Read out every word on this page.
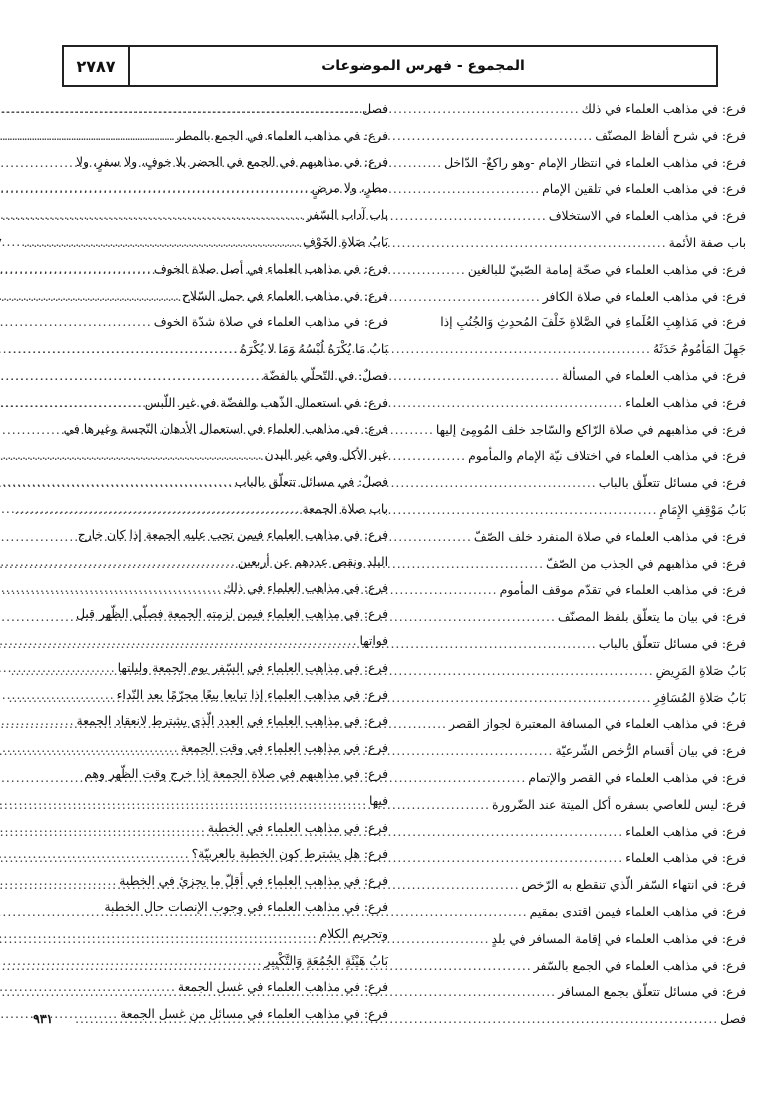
٢٧٨٧	المجموع - فهرس الموضوعات
فرع: في مذاهب العلماء في ذلك
.....
فرع: في شرح ألفاظ المصنّف
.....
فرع: في مذاهب العلماء في انتظار الإمام -وهو راكعٌ- الدّاخل
.....
فرع: في مذاهب العلماء في تلقين الإمام
.....
فرع: في مذاهب العلماء في الاستخلاف
.....
باب صفة الأئمة
.....
فرع: في مذاهب العلماء في صحّة إمامة الصّبيّ للبالغين
.....
فرع: في مذاهب العلماء في صلاة الكافر
.....
فرع: في مَذاهِبِ العُلَماءِ في الصَّلاةِ خَلْفَ المُحدِثِ وَالجُنُبِ إذا
جَهِلَ المَأمُومُ حَدَثَهُ
.....
فرع: في مذاهب العلماء في المسألة
.....
فرع: في مذاهب العلماء
.....
فرع: في مذاهبهم في صلاة الرّاكع والسّاجد خلف المُومِئ إليها
.....
فرع: في مذاهب العلماء في اختلاف نيّة الإمام والمأموم
.....
فرع: في مسائل تتعلّق بالباب
.....
بَابُ مَوْقِفِ الإِمَامِ
.....
فرع: في مذاهب العلماء في صلاة المنفرد خلف الصّفّ
.....
فرع: في مذاهبهم في الجذب من الصّفّ
.....
فرع: في مذاهب العلماء في تقدّم موقف المأموم
.....
فرع: في بيان ما يتعلّق بلفظ المصنّف
.....
فرع: في مسائل تتعلّق بالباب
.....
بَابُ صَلاةِ المَرِيضِ
.....
بَابُ صَلاةِ المُسَافِرِ
.....
فرع: في مذاهب العلماء في المسافة المعتبرة لجواز القصر
.....
فرع: في بيان أقسام الرُّخص الشّرعيّة
.....
فرع: في مذاهب العلماء في القصر والإتمام
.....
فرع: ليس للعاصي بسفره أكل الميتة عند الضّرورة
.....
فرع: في مذاهب العلماء
.....
فرع: في مذاهب العلماء
.....
فرع: في انتهاء السّفر الّذي تنقطع به الرّخص
.....
فرع: في مذاهب العلماء فيمن اقتدى بمقيم
.....
فرع: في مذاهب العلماء في إقامة المسافر في بلدٍ
.....
فرع: في مذاهب العلماء في الجمع بالسّفر
.....
فرع: في مسائل تتعلّق بجمع المسافر
.....
فصل
.....
٩٣١
فصل
.....
فرع: في مذاهب العلماء في الجمع بالمطر
.....
فرع: في مذاهبهم في الجمع في الحضر بلا خوفٍ، ولا سفرٍ، ولا
مطرٍ، ولا مرضٍ
.....
باب آداب السّفر
.....
بَابُ صَلاةِ الخَوْفِ
.....
فرع: في مذاهب العلماء في أصل صلاة الخوف
.....
فرع: في مذاهب العلماء في حمل السّلاح
.....
فرع: في مذاهب العلماء في صلاة شدّة الخوف
.....
بَابُ مَا يُكْرَهُ لُبْسُهُ وَمَا لا يُكْرَهُ
.....
فصلٌ: في التّحلّي بالفضّة
.....
فرع: في استعمال الذّهب والفضّة في غير اللّبس
.....
فرع: في مذاهب العلماء في استعمال الأدهان النّجسة وغيرها في
غير الأكل وفي غير البدن
.....
فصلٌ: في مسائل تتعلّق بالباب
.....
باب صلاة الجمعة
.....
فرع: في مذاهب العلماء فيمن تجب عليه الجمعة إذا كان خارج
البلد ونقص عددهم عن أربعين
.....
فرع: في مذاهب العلماء في ذلك
.....
فرع: في مذاهب العلماء فيمن لزمته الجمعة فصلّى الظّهر قبل
فواتها
.....
فرع: في مذاهب العلماء في السّفر يوم الجمعة وليلتها
.....
فرع: في مذاهب العلماء إذا تبايعا بيعًا محرّمًا بعد النّداء
.....
فرع: في مذاهب العلماء في العدد الّذي يشترط لانعقاد الجمعة
.....
فرع: في مذاهب العلماء في وقت الجمعة
.....
فرع: في مذاهبهم في صلاة الجمعة إذا خرج وقت الظّهر وهم
فيها
.....
فرع: في مذاهب العلماء في الخطبة
.....
فرع: هل يشترط كون الخطبة بالعربيّة؟
.....
فرع: في مذاهب العلماء في أقلّ ما يجزئ في الخطبة
.....
فرع: في مذاهب العلماء في وجوب الإنصات حال الخطبة
وتحريم الكلام
.....
بَابُ هَيْئَةِ الجُمُعَةِ وَالتَّكْبِيرِ
.....
فرع: في مذاهب العلماء في غسل الجمعة
.....
فرع: في مذاهب العلماء في مسائل من غسل الجمعة
.....
